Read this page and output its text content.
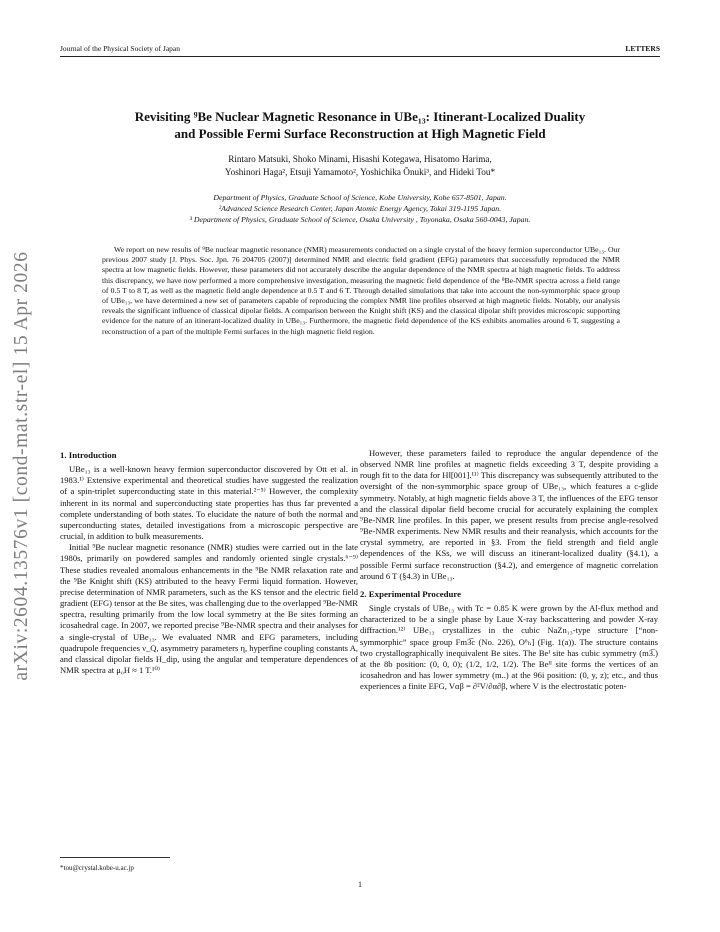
Journal of the Physical Society of Japan	LETTERS
arXiv:2604.13576v1 [cond-mat.str-el] 15 Apr 2026
Revisiting ⁹Be Nuclear Magnetic Resonance in UBe₁₃: Itinerant-Localized Duality
and Possible Fermi Surface Reconstruction at High Magnetic Field
Rintaro Matsuki, Shoko Minami, Hisashi Kotegawa, Hisatomo Harima,
Yoshinori Haga², Etsuji Yamamoto², Yoshichika Ōnuki³, and Hideki Tou*
Department of Physics, Graduate School of Science, Kobe University, Kobe 657-8501, Japan.
²Advanced Science Research Center, Japan Atomic Energy Agency, Tokai 319-1195 Japan.
³ Department of Physics, Graduate School of Science, Osaka University , Toyonaka, Osaka 560-0043, Japan.

We report on new results of ⁹Be nuclear magnetic resonance (NMR) measurements conducted on a single crystal of the heavy fermion superconductor UBe₁₃. Our previous 2007 study [J. Phys. Soc. Jpn. 76 204705 (2007)] determined NMR and electric field gradient (EFG) parameters that successfully reproduced the NMR spectra at low magnetic fields. However, these parameters did not accurately describe the angular dependence of the NMR spectra at high magnetic fields. To address this discrepancy, we have now performed a more comprehensive investigation, measuring the magnetic field dependence of the ⁹Be-NMR spectra across a field range of 0.5 T to 8 T, as well as the magnetic field angle dependence at 0.5 T and 6 T. Through detailed simulations that take into account the non-symmorphic space group of UBe₁₃, we have determined a new set of parameters capable of reproducing the complex NMR line profiles observed at high magnetic fields. Notably, our analysis reveals the significant influence of classical dipolar fields. A comparison between the Knight shift (KS) and the classical dipolar shift provides microscopic supporting evidence for the nature of an itinerant-localized duality in UBe₁₃. Furthermore, the magnetic field dependence of the KS exhibits anomalies around 6 T, suggesting a reconstruction of a part of the multiple Fermi surfaces in the high magnetic field region.

1. Introduction

UBe₁₃ is a well-known heavy fermion superconductor discovered by Ott et al. in 1983.¹⁾ Extensive experimental and theoretical studies have suggested the realization of a spin-triplet superconducting state in this material.²⁻⁵⁾ However, the complexity inherent in its normal and superconducting state properties has thus far prevented a complete understanding of both states. To elucidate the nature of both the normal and superconducting states, detailed investigations from a microscopic perspective are crucial, in addition to bulk measurements.

Initial ⁹Be nuclear magnetic resonance (NMR) studies were carried out in the late 1980s, primarily on powdered samples and randomly oriented single crystals.⁶⁻⁹⁾ These studies revealed anomalous enhancements in the ⁹Be NMR relaxation rate and the ⁹Be Knight shift (KS) attributed to the heavy Fermi liquid formation. However, precise determination of NMR parameters, such as the KS tensor and the electric field gradient (EFG) tensor at the Be sites, was challenging due to the overlapped ⁹Be-NMR spectra, resulting primarily from the low local symmetry at the Be sites forming an icosahedral cage. In 2007, we reported precise ⁹Be-NMR spectra and their analyses for a single-crystal of UBe₁₃. We evaluated NMR and EFG parameters, including quadrupole frequencies ν_Q, asymmetry parameters η, hyperfine coupling constants A, and classical dipolar fields H_dip, using the angular and temperature dependences of NMR spectra at μ₀H ≈ 1 T.¹⁰⁾

However, these parameters failed to reproduce the angular dependence of the observed NMR line profiles at magnetic fields exceeding 3 T, despite providing a rough fit to the data for H‖[001].¹¹⁾ This discrepancy was subsequently attributed to the oversight of the non-symmorphic space group of UBe₁₃, which features a c-glide symmetry. Notably, at high magnetic fields above 3 T, the influences of the EFG tensor and the classical dipolar field become crucial for accurately explaining the complex ⁹Be-NMR line profiles. In this paper, we present results from precise angle-resolved ⁹Be-NMR experiments. New NMR results and their reanalysis, which accounts for the crystal symmetry, are reported in §3. From the field strength and field angle dependences of the KSs, we will discuss an itinerant-localized duality (§4.1), a possible Fermi surface reconstruction (§4.2), and emergence of magnetic correlation around 6 T (§4.3) in UBe₁₃.

2. Experimental Procedure

Single crystals of UBe₁₃ with Tc = 0.85 K were grown by the Al-flux method and characterized to be a single phase by Laue X-ray backscattering and powder X-ray diffraction.¹²⁾ UBe₁₃ crystallizes in the cubic NaZn₁₃-type structure [“non-symmorphic” space group Fm3̅c (No. 226), O⁶ₕ] (Fig. 1(a)). The structure contains two crystallographically inequivalent Be sites. The Beᴵ site has cubic symmetry (m3̅.) at the 8b position: (0, 0, 0); (1/2, 1/2, 1/2). The Beᴵᴵ site forms the vertices of an icosahedron and has lower symmetry (m..) at the 96i position: (0, y, z); etc., and thus experiences a finite EFG, Vαβ = ∂²V/∂α∂β, where V is the electrostatic poten-

*tou@crystal.kobe-u.ac.jp
1
